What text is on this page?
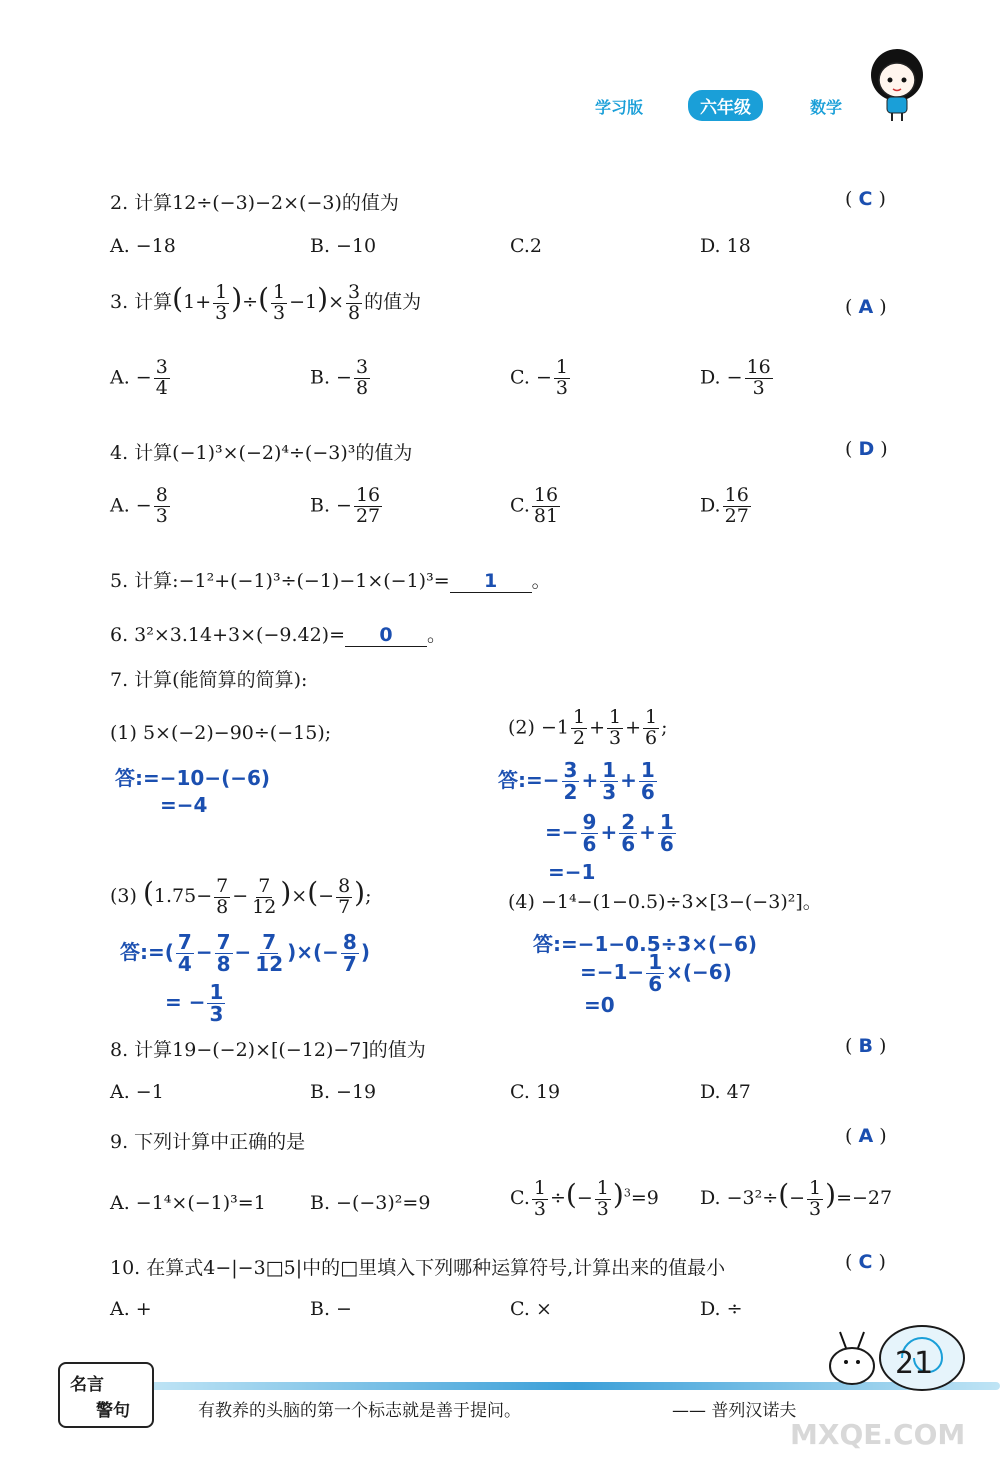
学习版	六年级	数学
2. 计算12÷(−3)−2×(−3)的值为	( C )
A. −18	B. −10	C.2	D. 18
3. 计算($1+ \frac{1}{3}$ )÷( $\frac{1}{3} -1)\times \frac{3}{8}$ 的值为	( A )
A. − $\frac{3}{4}$	B. − $\frac{3}{8}$	C. − $\frac{1}{3}$	D. − $\frac{16}{3}$
4. 计算(−1)³×(−2)⁴÷(−3)³的值为	( D )
A. − $\frac{8}{3}$	B. − $\frac{16}{27}$	C. $\frac{16}{81}$	D. $\frac{16}{27}$
5. 计算:−1²+(−1)³÷(−1)−1×(−1)³= 1 。
6. 3²×3.14+3×(−9.42)= 0 。
7. 计算(能简算的简算):
(1) 5×(−2)−90÷(−15);
答:=−10−(−6)
=−4
$(2) -1 \frac{1}{2} + \frac{1}{3} + \frac{1}{6}$ ;
答:=− $\frac{3}{2} + \frac{1}{3} + \frac{1}{6}$
=− $\frac{9}{6} + \frac{2}{6} + \frac{1}{6}$
=−1
(3) ($1.75- \frac{7}{8} - \frac{7}{12}$ )×(− $\frac{8}{7}$ );
答:=( $\frac{7}{4} - \frac{7}{8} - \frac{7}{12}$ )×(− $\frac{8}{7}$ )
= − $\frac{1}{3}$
(4) −1⁴−(1−0.5)÷3×[3−(−3)²]。
答:=−1−0.5÷3×(−6)
$=-1- \frac{1}{6} \times(-6)$
=0
8. 计算19−(−2)×[(−12)−7]的值为	( B )
A. −1	B. −19	C. 19	D. 47
9. 下列计算中正确的是	( A )
A. −1⁴×(−1)³=1 B. −(−3)²=9	C. $\frac{1}{3}$ ÷(− $\frac{1}{3} )^3=9$ D. $-3^2\div(- \frac{1}{3} )=-27$
10. 在算式4−|−3□5|中的□里填入下列哪种运算符号,计算出来的值最小	( C )
A. +	B. −	C. ×	D. ÷
名言
警句	有教养的头脑的第一个标志就是善于提问。	—— 普列汉诺夫
21
MXQE.COM
